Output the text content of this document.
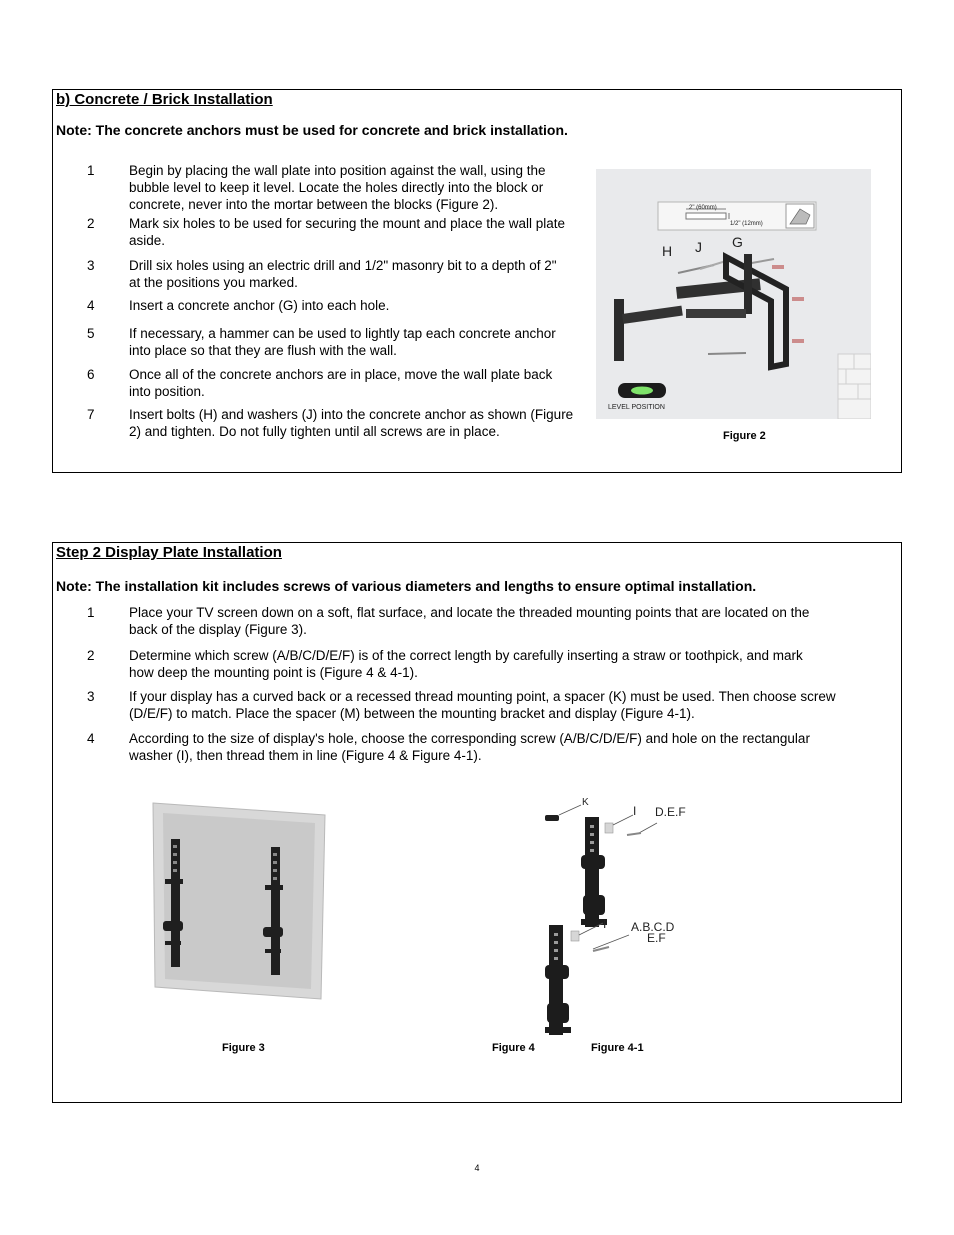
b) Concrete / Brick Installation
Note: The concrete anchors must be used for concrete and brick installation.
1	Begin by placing the wall plate into position against the wall, using the bubble level to keep it level. Locate the holes directly into the block or concrete, never into the mortar between the blocks (Figure 2).
2	Mark six holes to be used for securing the mount and place the wall plate aside.
3	Drill six holes using an electric drill and 1/2" masonry bit to a depth of 2" at the positions you marked.
4	Insert a concrete anchor (G) into each hole.
5	If necessary, a hammer can be used to lightly tap each concrete anchor into place so that they are flush with the wall.
6	Once all of the concrete anchors are in place, move the wall plate back into position.
7	Insert bolts (H) and washers (J) into the concrete anchor as shown (Figure 2) and tighten. Do not fully tighten until all screws are in place.
2" (60mm)
1/2" (12mm)
H J G
LEVEL POSITION
Figure 2
Step 2 Display Plate Installation
Note: The installation kit includes screws of various diameters and lengths to ensure optimal installation.
1	Place your TV screen down on a soft, flat surface, and locate the threaded mounting points that are located on the back of the display (Figure 3).
2	Determine which screw (A/B/C/D/E/F) is of the correct length by carefully inserting a straw or toothpick, and mark how deep the mounting point is (Figure 4 & 4-1).
3	If your display has a curved back or a recessed thread mounting point, a spacer (K) must be used. Then choose screw (D/E/F) to match. Place the spacer (M) between the mounting bracket and display (Figure 4-1).
4	According to the size of display's hole, choose the corresponding screw (A/B/C/D/E/F) and hole on the rectangular washer (I), then thread them in line (Figure 4 & Figure 4-1).
Figure 3
K
I D.E.F
I A.B.C.D
E.F
Figure 4	Figure 4-1
4
